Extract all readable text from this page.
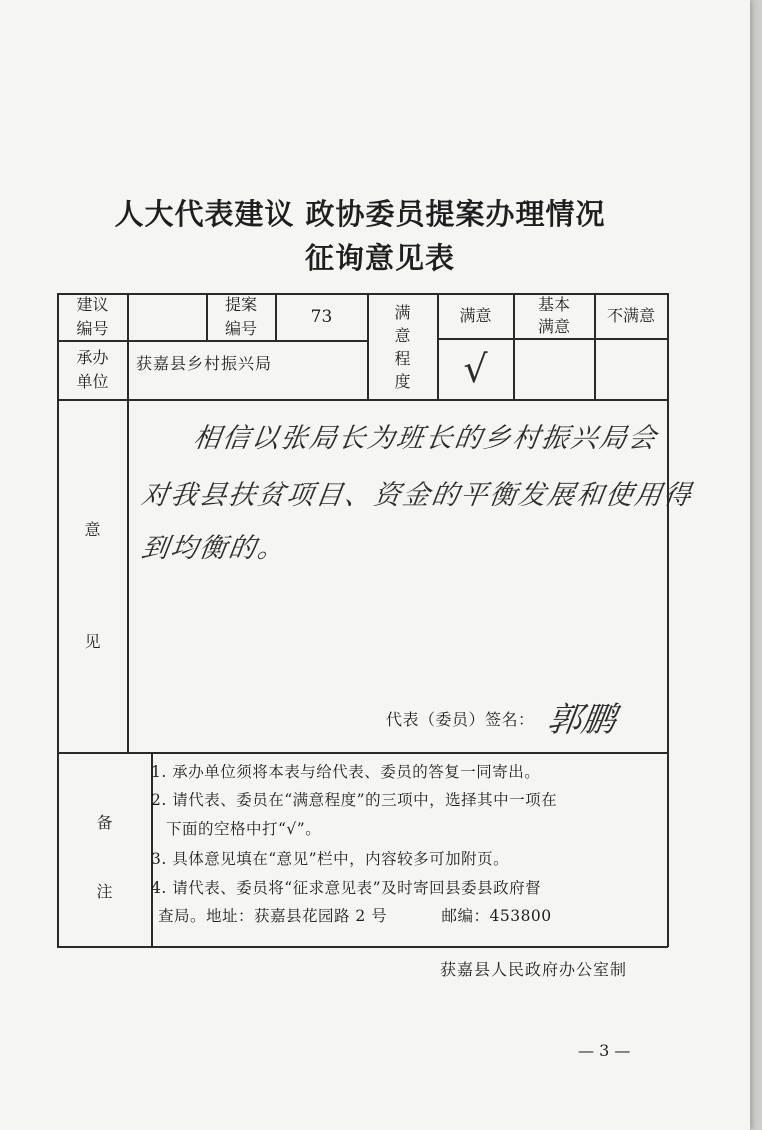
人大代表建议 政协委员提案办理情况
征询意见表
建议
编号
提案
编号
73	满
意
程
度
满意
基本
满意
不满意
承办
单位
获嘉县乡村振兴局	√
意
见
相信以张局长为班长的乡村振兴局会
对我县扶贫项目、资金的平衡发展和使用得
到均衡的。
代表（委员）签名： 郭鹏
备
注
1. 承办单位须将本表与给代表、委员的答复一同寄出。
2. 请代表、委员在“满意程度”的三项中，选择其中一项在
下面的空格中打“√”。
3. 具体意见填在“意见”栏中，内容较多可加附页。
4. 请代表、委员将“征求意见表”及时寄回县委县政府督
查局。地址：获嘉县花园路 2 号          邮编：453800
获嘉县人民政府办公室制
— 3 —
